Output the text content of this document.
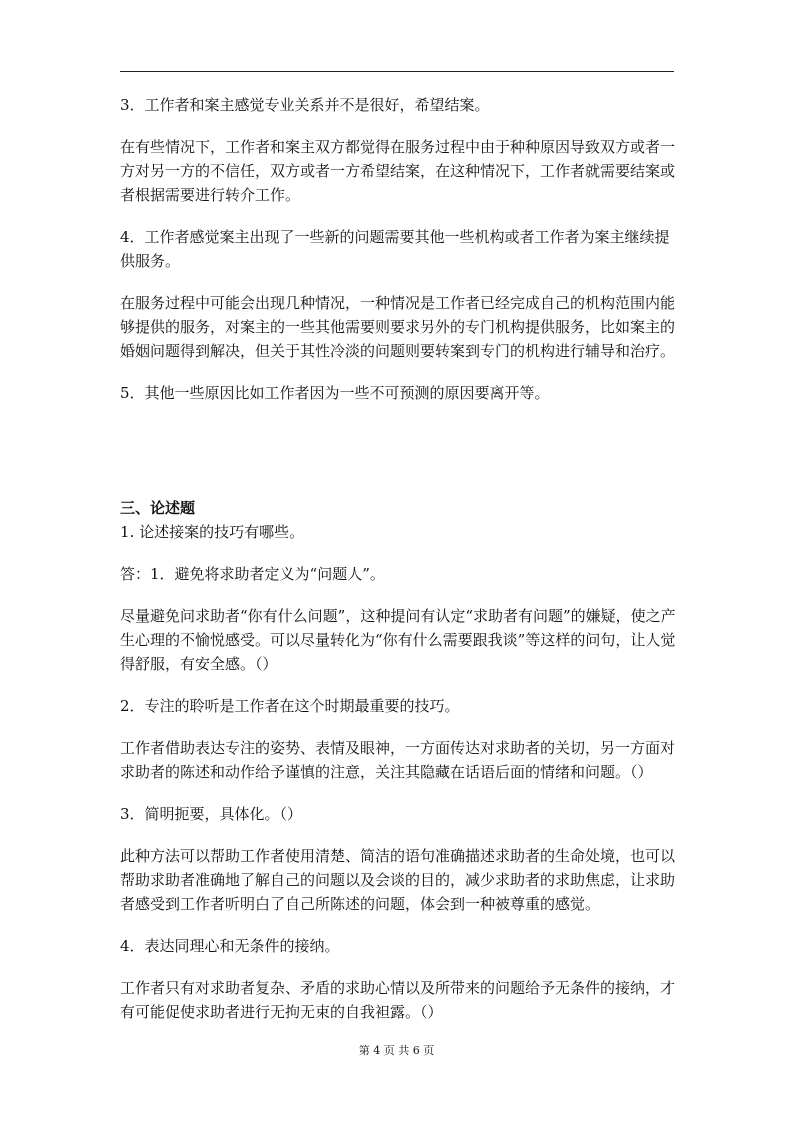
3．工作者和案主感觉专业关系并不是很好，希望结案。

在有些情况下，工作者和案主双方都觉得在服务过程中由于种种原因导致双方或者一方对另一方的不信任，双方或者一方希望结案，在这种情况下，工作者就需要结案或者根据需要进行转介工作。

4．工作者感觉案主出现了一些新的问题需要其他一些机构或者工作者为案主继续提供服务。

在服务过程中可能会出现几种情况，一种情况是工作者已经完成自己的机构范围内能够提供的服务，对案主的一些其他需要则要求另外的专门机构提供服务，比如案主的婚姻问题得到解决，但关于其性冷淡的问题则要转案到专门的机构进行辅导和治疗。

5．其他一些原因比如工作者因为一些不可预测的原因要离开等。

三、论述题

1. 论述接案的技巧有哪些。

答：1．避免将求助者定义为“问题人”。

尽量避免问求助者“你有什么问题”，这种提问有认定“求助者有问题”的嫌疑，使之产生心理的不愉悦感受。可以尽量转化为“你有什么需要跟我谈”等这样的问句，让人觉得舒服，有安全感。（）

2．专注的聆听是工作者在这个时期最重要的技巧。

工作者借助表达专注的姿势、表情及眼神，一方面传达对求助者的关切，另一方面对求助者的陈述和动作给予谨慎的注意，关注其隐藏在话语后面的情绪和问题。（）

3．简明扼要，具体化。（）

此种方法可以帮助工作者使用清楚、简洁的语句准确描述求助者的生命处境，也可以帮助求助者准确地了解自己的问题以及会谈的目的，减少求助者的求助焦虑，让求助者感受到工作者听明白了自己所陈述的问题，体会到一种被尊重的感觉。

4．表达同理心和无条件的接纳。

工作者只有对求助者复杂、矛盾的求助心情以及所带来的问题给予无条件的接纳，才有可能促使求助者进行无拘无束的自我袒露。（）

第 4 页 共 6 页
